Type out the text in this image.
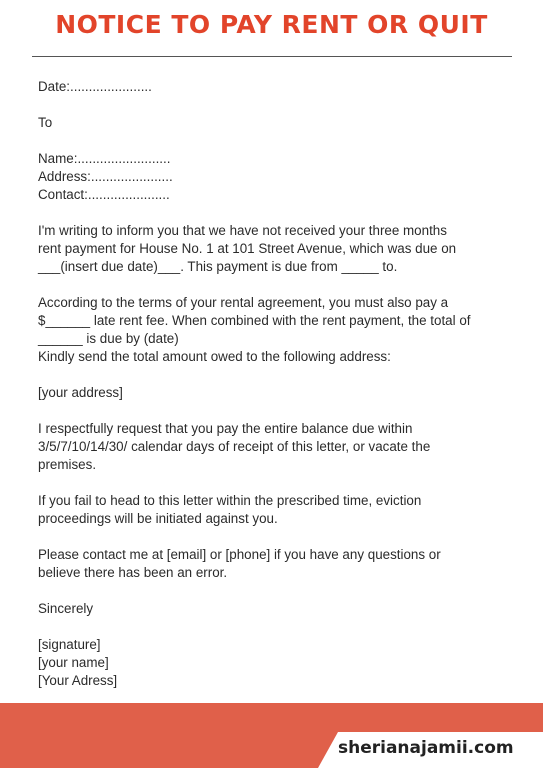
NOTICE TO PAY RENT OR QUIT
Date:......................
To
Name:.........................
Address:......................
Contact:......................
I'm writing to inform you that we have not received your three months
rent payment for House No. 1 at 101 Street Avenue, which was due on
___(insert due date)___. This payment is due from _____ to.
According to the terms of your rental agreement, you must also pay a
$______ late rent fee. When combined with the rent payment, the total of
______ is due by (date)
Kindly send the total amount owed to the following address:
[your address]
I respectfully request that you pay the entire balance due within
3/5/7/10/14/30/ calendar days of receipt of this letter, or vacate the
premises.
If you fail to head to this letter within the prescribed time, eviction
proceedings will be initiated against you.
Please contact me at [email] or [phone] if you have any questions or
believe there has been an error.
Sincerely
[signature]
[your name]
[Your Adress]
sherianajamii.com
